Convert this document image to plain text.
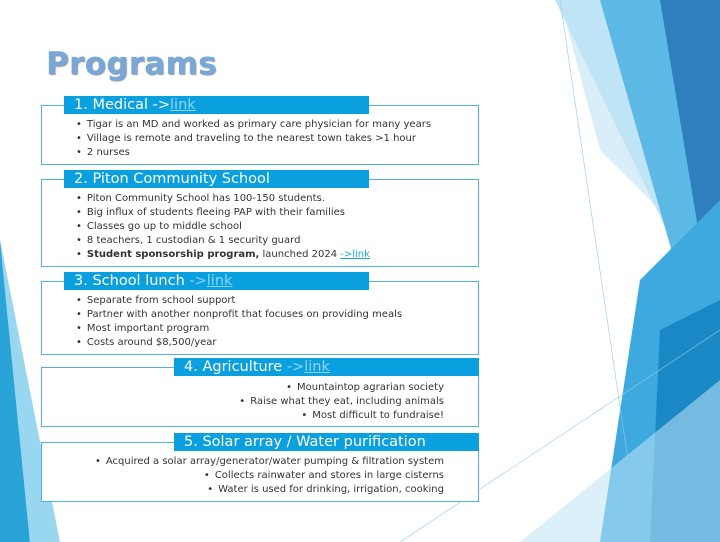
Programs
1. Medical ->link
• Tigar is an MD and worked as primary care physician for many years
• Village is remote and traveling to the nearest town takes >1 hour
• 2 nurses
2. Piton Community School
• Piton Community School has 100-150 students.
• Big influx of students fleeing PAP with their families
• Classes go up to middle school
• 8 teachers, 1 custodian & 1 security guard
• Student sponsorship program, launched 2024 ->link
3. School lunch ->link
• Separate from school support
• Partner with another nonprofit that focuses on providing meals
• Most important program
• Costs around $8,500/year
4. Agriculture ->link
• Mountaintop agrarian society
• Raise what they eat, including animals
• Most difficult to fundraise!
5. Solar array / Water purification
• Acquired a solar array/generator/water pumping & filtration system
• Collects rainwater and stores in large cisterns
• Water is used for drinking, irrigation, cooking
